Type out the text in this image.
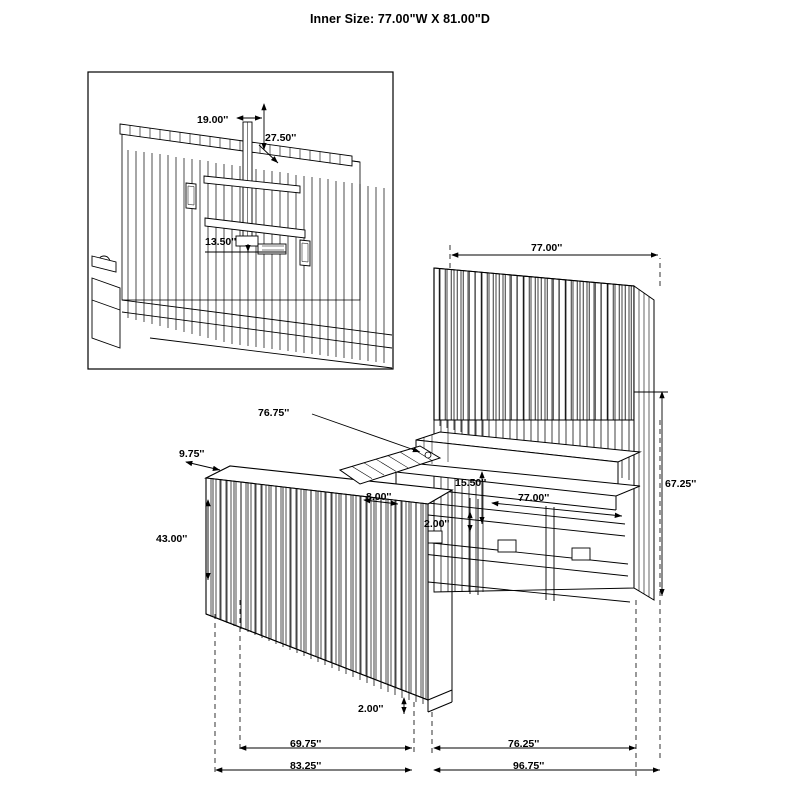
Inner Size: 77.00"W X 81.00"D
19.00''
27.50''
13.50''	77.00''
67.25''
76.75''
9.75''
43.00''
8.00''
15.50''
77.00''
2.00''
2.00''
69.75''
83.25''
76.25''
96.75''
